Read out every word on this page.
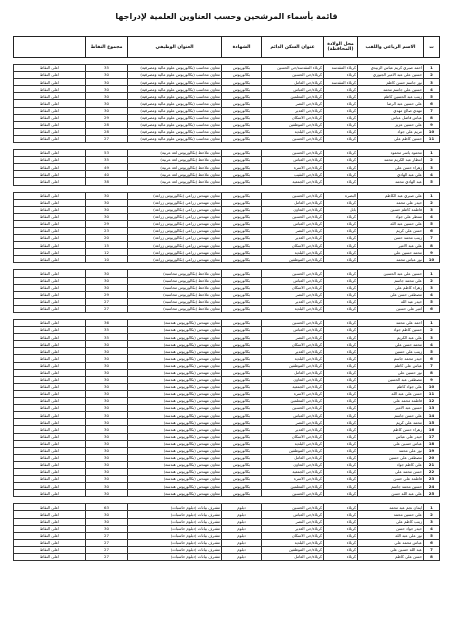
قائمة بأسماء المرشحين وحسب العناوين العلمية لإدراجها
ت	الاسم الرباعي واللقب	محل الولادة (المحافظة)	عنوان السكن الدائم	الشهادة	العنوان الوظيفي	مجموع النقاط	
1	احمد صبري كريم عباس الزبيدي	كربلاء المقدسة	كربلاء المقدسة/حي الحسين	بكالوريوس	معاون محاسب (بكالوريوس علوم مالية ومصرفية)	35	اعلى النقاط
2	حسين علي عبد الامير الجبوري	كربلاء	كربلاء/حي الحسين	بكالوريوس	معاون محاسب (بكالوريوس علوم مالية ومصرفية)	30	اعلى النقاط
3	نور جاسم حسن كاظم	كربلاء المقدسة	كربلاء/حي العامل	بكالوريوس	معاون محاسب (بكالوريوس علوم مالية ومصرفية)	30	اعلى النقاط
4	حسين علي جاسم محمد	كربلاء	كربلاء/حي العباس	بكالوريوس	معاون محاسب (بكالوريوس علوم مالية ومصرفية)	30	اعلى النقاط
5	زينب عبد الحسين كاظم	كربلاء	كربلاء/حي المعلمين	بكالوريوس	معاون محاسب (بكالوريوس علوم مالية ومصرفية)	30	اعلى النقاط
6	علي حسين عبد الرضا	كربلاء	كربلاء/حي النصر	بكالوريوس	معاون محاسب (بكالوريوس علوم مالية ومصرفية)	30	اعلى النقاط
7	مهدي صالح مهدي	كربلاء	كربلاء/حي الغدير	بكالوريوس	معاون محاسب (بكالوريوس علوم مالية ومصرفية)	30	اعلى النقاط
8	عباس فاضل عباس	كربلاء	كربلاء/حي الاسكان	بكالوريوس	معاون محاسب (بكالوريوس علوم مالية ومصرفية)	29	اعلى النقاط
9	علي حسين عزيز	كربلاء	كربلاء/حي الموظفين	بكالوريوس	معاون محاسب (بكالوريوس علوم مالية ومصرفية)	28	اعلى النقاط
10	مريم علي جواد	كربلاء	كربلاء/حي البلدية	بكالوريوس	معاون محاسب (بكالوريوس علوم مالية ومصرفية)	28	اعلى النقاط
11	حسين كاظم علي	كربلاء	كربلاء/حي الحسين	بكالوريوس	معاون محاسب (بكالوريوس علوم مالية ومصرفية)	27	اعلى النقاط
1	محمود ياسر محمود	كربلاء	كربلاء/حي الحسين	بكالوريوس	معاون ملاحظ (بكالوريوس لغة عربية)	53	اعلى النقاط
2	انتظار عبد الكريم محمد	كربلاء	كربلاء/حي العباس	بكالوريوس	معاون ملاحظ (بكالوريوس لغة عربية)	35	اعلى النقاط
3	زهراء حسن علي	كربلاء	كربلاء/حي الاسرة	بكالوريوس	معاون ملاحظ (بكالوريوس لغة عربية)	49	اعلى النقاط
4	علي عبد الهادي	كربلاء	كربلاء/حي النقيب	بكالوريوس	معاون ملاحظ (بكالوريوس لغة عربية)	40	اعلى النقاط
5	عبد الهادي محمد	كربلاء	كربلاء/حي الجمعية	بكالوريوس	معاون ملاحظ (بكالوريوس لغة عربية)	38	اعلى النقاط
1	علي صبري عبد الكاظم	البصرة	كربلاء/حي الحسين	بكالوريوس	معاون مهندس زراعي (بكالوريوس زراعة)	30	اعلى النقاط
2	حيدر علي محمد	كربلاء	كربلاء/حي العامل	بكالوريوس	معاون مهندس زراعي (بكالوريوس زراعة)	30	اعلى النقاط
3	فاطمة كاظم حسين	بابل	كربلاء/حي التعاون	بكالوريوس	معاون مهندس زراعي (بكالوريوس زراعة)	30	اعلى النقاط
4	منتظر علي جواد	كربلاء	كربلاء/حي الحسين	بكالوريوس	معاون مهندس زراعي (بكالوريوس زراعة)	30	اعلى النقاط
5	علي حسين عبد الله	كربلاء	كربلاء/حي العباس	بكالوريوس	معاون مهندس زراعي (بكالوريوس زراعة)	29	اعلى النقاط
6	حسن علي كريم	كربلاء	كربلاء/حي النصر	بكالوريوس	معاون مهندس زراعي (بكالوريوس زراعة)	23	اعلى النقاط
7	زينب محمد حسن	كربلاء	كربلاء/حي الغدير	بكالوريوس	معاون مهندس زراعي (بكالوريوس زراعة)	20	اعلى النقاط
8	علي عبد الامير	كربلاء	كربلاء/حي الاسكان	بكالوريوس	معاون مهندس زراعي (بكالوريوس زراعة)	15	اعلى النقاط
9	محمد حسين علي	كربلاء	كربلاء/حي البلدية	بكالوريوس	معاون مهندس زراعي (بكالوريوس زراعة)	12	اعلى النقاط
10	نور عباس محمد	كربلاء	كربلاء/حي الموظفين	بكالوريوس	معاون مهندس زراعي (بكالوريوس زراعة)	10	اعلى النقاط
1	حسين علي عبد الحسين	كربلاء	كربلاء/حي الحسين	بكالوريوس	معاون ملاحظ (بكالوريوس محاسبة)	30	اعلى النقاط
2	علي محمد جاسم	كربلاء	كربلاء/حي العباس	بكالوريوس	معاون ملاحظ (بكالوريوس محاسبة)	30	اعلى النقاط
3	زهراء كاظم علي	كربلاء	كربلاء/حي الاسكان	بكالوريوس	معاون ملاحظ (بكالوريوس محاسبة)	30	اعلى النقاط
4	مصطفى حسن علي	كربلاء	كربلاء/حي النصر	بكالوريوس	معاون ملاحظ (بكالوريوس محاسبة)	29	اعلى النقاط
5	حيدر عبد الله	كربلاء	كربلاء/حي الغدير	بكالوريوس	معاون ملاحظ (بكالوريوس محاسبة)	27	اعلى النقاط
6	امير علي حسين	كربلاء	كربلاء/حي البلدية	بكالوريوس	معاون ملاحظ (بكالوريوس محاسبة)	27	اعلى النقاط
1	احمد علي محمد	كربلاء	كربلاء/حي الحسين	بكالوريوس	معاون مهندس (بكالوريوس هندسة)	36	اعلى النقاط
2	حسين كاظم جواد	كربلاء	كربلاء/حي العباس	بكالوريوس	معاون مهندس (بكالوريوس هندسة)	35	اعلى النقاط
3	علي عبد الكريم	كربلاء	كربلاء/حي النصر	بكالوريوس	معاون مهندس (بكالوريوس هندسة)	35	اعلى النقاط
4	محمد حسن علي	كربلاء	كربلاء/حي الاسكان	بكالوريوس	معاون مهندس (بكالوريوس هندسة)	30	اعلى النقاط
5	زينب علي حسين	كربلاء	كربلاء/حي الغدير	بكالوريوس	معاون مهندس (بكالوريوس هندسة)	30	اعلى النقاط
6	حيدر محمد جاسم	كربلاء	كربلاء/حي البلدية	بكالوريوس	معاون مهندس (بكالوريوس هندسة)	30	اعلى النقاط
7	عباس علي كاظم	كربلاء	كربلاء/حي الموظفين	بكالوريوس	معاون مهندس (بكالوريوس هندسة)	30	اعلى النقاط
8	نور حسين علي	كربلاء	كربلاء/حي العامل	بكالوريوس	معاون مهندس (بكالوريوس هندسة)	30	اعلى النقاط
9	مصطفى عبد الحسين	كربلاء	كربلاء/حي التعاون	بكالوريوس	معاون مهندس (بكالوريوس هندسة)	30	اعلى النقاط
10	علي جواد كاظم	كربلاء	كربلاء/حي الجمعية	بكالوريوس	معاون مهندس (بكالوريوس هندسة)	30	اعلى النقاط
11	حسن علي عبد الله	كربلاء	كربلاء/حي الاسرة	بكالوريوس	معاون مهندس (بكالوريوس هندسة)	30	اعلى النقاط
12	فاطمة محمد علي	كربلاء	كربلاء/حي المعلمين	بكالوريوس	معاون مهندس (بكالوريوس هندسة)	30	اعلى النقاط
13	حسين عبد الامير	كربلاء	كربلاء/حي الحسين	بكالوريوس	معاون مهندس (بكالوريوس هندسة)	30	اعلى النقاط
14	علي حسن جاسم	كربلاء	كربلاء/حي العباس	بكالوريوس	معاون مهندس (بكالوريوس هندسة)	30	اعلى النقاط
15	محمد علي كريم	كربلاء	كربلاء/حي النصر	بكالوريوس	معاون مهندس (بكالوريوس هندسة)	30	اعلى النقاط
16	زهراء حسن كاظم	كربلاء	كربلاء/حي الغدير	بكالوريوس	معاون مهندس (بكالوريوس هندسة)	30	اعلى النقاط
17	حيدر علي عباس	كربلاء	كربلاء/حي الاسكان	بكالوريوس	معاون مهندس (بكالوريوس هندسة)	30	اعلى النقاط
18	عباس حسين علي	كربلاء	كربلاء/حي البلدية	بكالوريوس	معاون مهندس (بكالوريوس هندسة)	30	اعلى النقاط
19	نور علي محمد	كربلاء	كربلاء/حي الموظفين	بكالوريوس	معاون مهندس (بكالوريوس هندسة)	30	اعلى النقاط
20	مصطفى علي حسين	كربلاء	كربلاء/حي العامل	بكالوريوس	معاون مهندس (بكالوريوس هندسة)	30	اعلى النقاط
21	علي كاظم جواد	كربلاء	كربلاء/حي التعاون	بكالوريوس	معاون مهندس (بكالوريوس هندسة)	30	اعلى النقاط
22	حسن محمد علي	كربلاء	كربلاء/حي الجمعية	بكالوريوس	معاون مهندس (بكالوريوس هندسة)	30	اعلى النقاط
23	فاطمة علي حسن	كربلاء	كربلاء/حي الاسرة	بكالوريوس	معاون مهندس (بكالوريوس هندسة)	30	اعلى النقاط
24	حسين محمد جاسم	كربلاء	كربلاء/حي المعلمين	بكالوريوس	معاون مهندس (بكالوريوس هندسة)	30	اعلى النقاط
25	علي عبد الله حسن	كربلاء	كربلاء/حي الحسين	بكالوريوس	معاون مهندس (بكالوريوس هندسة)	30	اعلى النقاط
1	ايمان نجم عبد محمد	كربلاء	كربلاء/حي الحسين	دبلوم	مشرف بيانات (دبلوم حاسبات)	63	اعلى النقاط
2	علي حسين محمد	كربلاء	كربلاء/حي العباس	دبلوم	مشرف بيانات (دبلوم حاسبات)	30	اعلى النقاط
3	زينب كاظم علي	كربلاء	كربلاء/حي النصر	دبلوم	مشرف بيانات (دبلوم حاسبات)	30	اعلى النقاط
4	حيدر جواد حسن	كربلاء	كربلاء/حي الغدير	دبلوم	مشرف بيانات (دبلوم حاسبات)	30	اعلى النقاط
5	نور علي عبد الله	كربلاء	كربلاء/حي الاسكان	دبلوم	مشرف بيانات (دبلوم حاسبات)	27	اعلى النقاط
6	عباس محمد علي	كربلاء	كربلاء/حي البلدية	دبلوم	مشرف بيانات (دبلوم حاسبات)	27	اعلى النقاط
7	عبد الله حسين علي	كربلاء	كربلاء/حي الموظفين	دبلوم	مشرف بيانات (دبلوم حاسبات)	27	اعلى النقاط
8	حسن علي كاظم	كربلاء	كربلاء/حي العامل	دبلوم	مشرف بيانات (دبلوم حاسبات)	27	اعلى النقاط
